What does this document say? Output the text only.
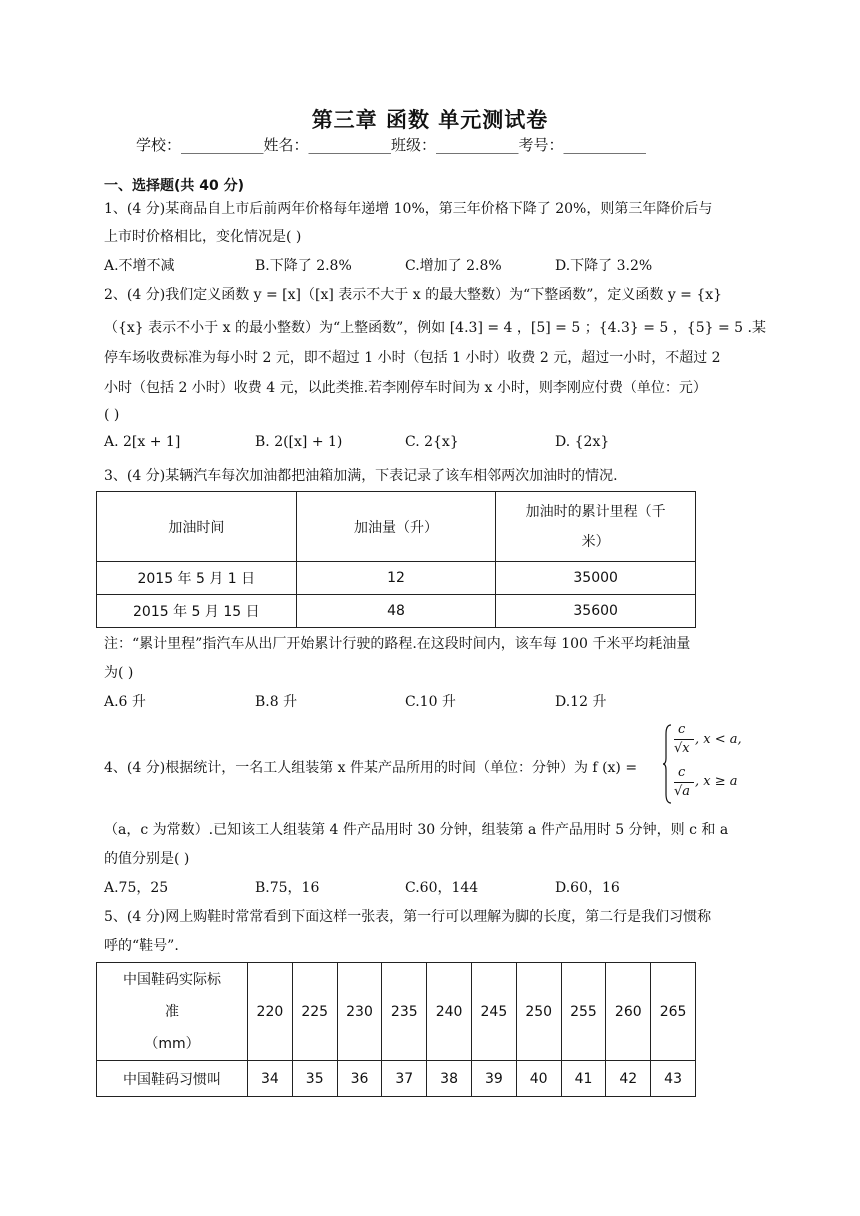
第三章 函数 单元测试卷
学校：___________姓名：___________班级：___________考号：___________
一、选择题(共 40 分)
1、(4 分)某商品自上市后前两年价格每年递增 10%，第三年价格下降了 20%，则第三年降价后与
上市时价格相比，变化情况是( )
A.不增不减	B.下降了 2.8%	C.增加了 2.8%	D.下降了 3.2%
2、(4 分)我们定义函数 y = [x]（[x] 表示不大于 x 的最大整数）为“下整函数”，定义函数 y = {x}
（{x} 表示不小于 x 的最小整数）为“上整函数”，例如 [4.3] = 4 ，[5] = 5 ；{4.3} = 5 ，{5} = 5 .某
停车场收费标准为每小时 2 元，即不超过 1 小时（包括 1 小时）收费 2 元，超过一小时，不超过 2
小时（包括 2 小时）收费 4 元，以此类推.若李刚停车时间为 x 小时，则李刚应付费（单位：元）
( )
A. 2[x + 1]	B. 2([x] + 1)	C. 2{x}	D. {2x}
3、(4 分)某辆汽车每次加油都把油箱加满，下表记录了该车相邻两次加油时的情况.
加油时间	加油量（升）	加油时的累计里程（千
米）

2015 年 5 月 1 日	12	35000
2015 年 5 月 15 日	48	35600
注：“累计里程”指汽车从出厂开始累计行驶的路程.在这段时间内，该车每 100 千米平均耗油量
为( )
A.6 升	B.8 升	C.10 升	D.12 升
4、(4 分)根据统计，一名工人组装第 x 件某产品所用的时间（单位：分钟）为 f (x) =
c
√x
, x < a,
c
√a
, x ≥ a
（a，c 为常数）.已知该工人组装第 4 件产品用时 30 分钟，组装第 a 件产品用时 5 分钟，则 c 和 a
的值分别是( )
A.75，25	B.75，16	C.60，144	D.60，16
5、(4 分)网上购鞋时常常看到下面这样一张表，第一行可以理解为脚的长度，第二行是我们习惯称
呼的“鞋号”.
中国鞋码实际标
准
（mm）	220	225	230	235	240	245	250	255	260	265
中国鞋码习惯叫	34	35	36	37	38	39	40	41	42	43
